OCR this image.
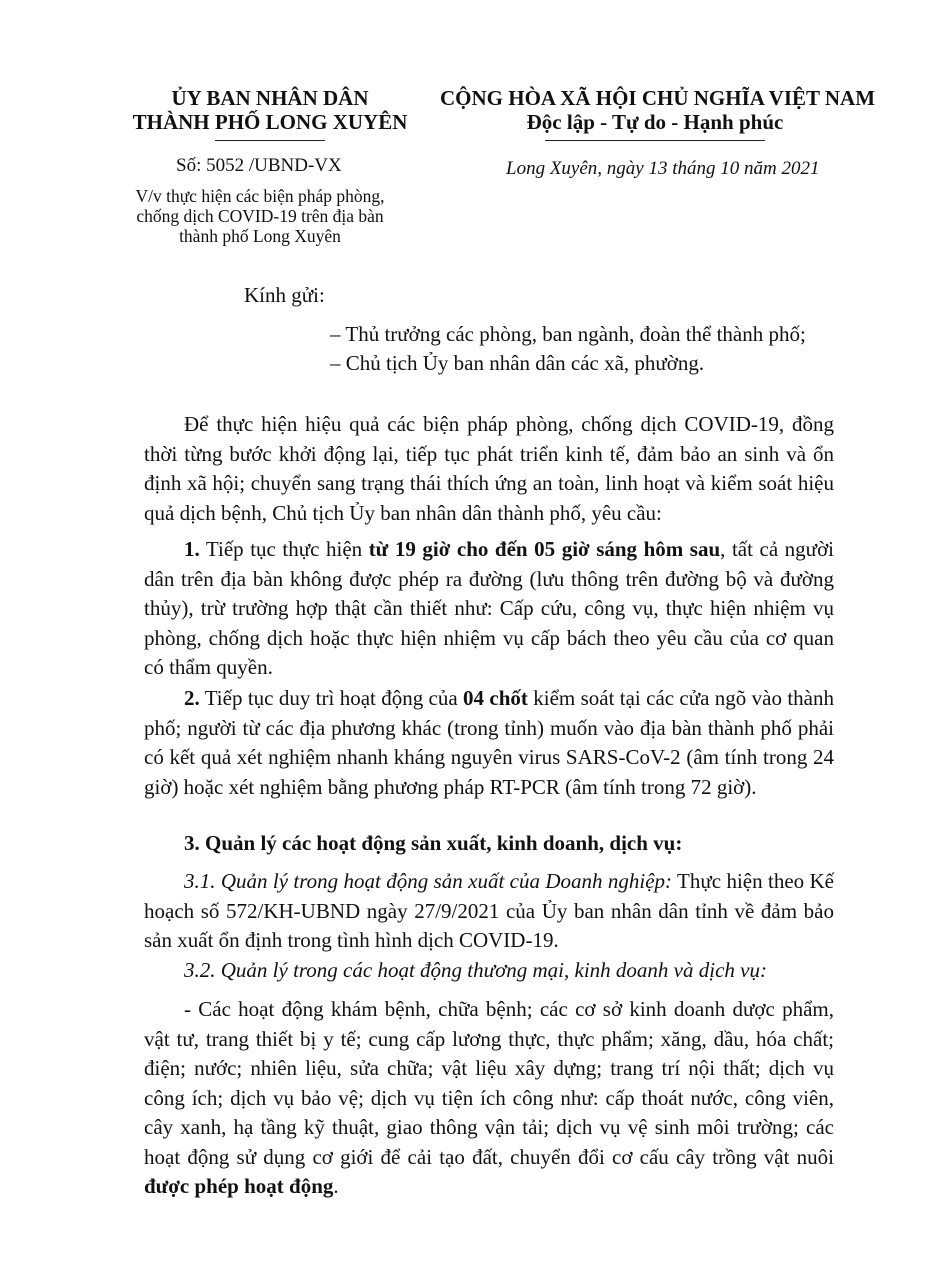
ỦY BAN NHÂN DÂN
THÀNH PHỐ LONG XUYÊN
CỘNG HÒA XÃ HỘI CHỦ NGHĨA VIỆT NAM
Độc lập - Tự do - Hạnh phúc
Số: 5052 /UBND-VX	Long Xuyên, ngày 13 tháng 10 năm 2021
V/v thực hiện các biện pháp phòng,
chống dịch COVID-19 trên địa bàn
thành phố Long Xuyên
Kính gửi:
– Thủ trưởng các phòng, ban ngành, đoàn thể thành phố;
– Chủ tịch Ủy ban nhân dân các xã, phường.
Để thực hiện hiệu quả các biện pháp phòng, chống dịch COVID-19, đồng thời từng bước khởi động lại, tiếp tục phát triển kinh tế, đảm bảo an sinh và ổn định xã hội; chuyển sang trạng thái thích ứng an toàn, linh hoạt và kiểm soát hiệu quả dịch bệnh, Chủ tịch Ủy ban nhân dân thành phố, yêu cầu:
1. Tiếp tục thực hiện từ 19 giờ cho đến 05 giờ sáng hôm sau, tất cả người dân trên địa bàn không được phép ra đường (lưu thông trên đường bộ và đường thủy), trừ trường hợp thật cần thiết như: Cấp cứu, công vụ, thực hiện nhiệm vụ phòng, chống dịch hoặc thực hiện nhiệm vụ cấp bách theo yêu cầu của cơ quan có thẩm quyền.
2. Tiếp tục duy trì hoạt động của 04 chốt kiểm soát tại các cửa ngõ vào thành phố; người từ các địa phương khác (trong tỉnh) muốn vào địa bàn thành phố phải có kết quả xét nghiệm nhanh kháng nguyên virus SARS-CoV-2 (âm tính trong 24 giờ) hoặc xét nghiệm bằng phương pháp RT-PCR (âm tính trong 72 giờ).
3. Quản lý các hoạt động sản xuất, kinh doanh, dịch vụ:
3.1. Quản lý trong hoạt động sản xuất của Doanh nghiệp: Thực hiện theo Kế hoạch số 572/KH-UBND ngày 27/9/2021 của Ủy ban nhân dân tỉnh về đảm bảo sản xuất ổn định trong tình hình dịch COVID-19.
3.2. Quản lý trong các hoạt động thương mại, kinh doanh và dịch vụ:
- Các hoạt động khám bệnh, chữa bệnh; các cơ sở kinh doanh dược phẩm, vật tư, trang thiết bị y tế; cung cấp lương thực, thực phẩm; xăng, dầu, hóa chất; điện; nước; nhiên liệu, sửa chữa; vật liệu xây dựng; trang trí nội thất; dịch vụ công ích; dịch vụ bảo vệ; dịch vụ tiện ích công như: cấp thoát nước, công viên, cây xanh, hạ tầng kỹ thuật, giao thông vận tải; dịch vụ vệ sinh môi trường; các hoạt động sử dụng cơ giới để cải tạo đất, chuyển đổi cơ cấu cây trồng vật nuôi được phép hoạt động.
